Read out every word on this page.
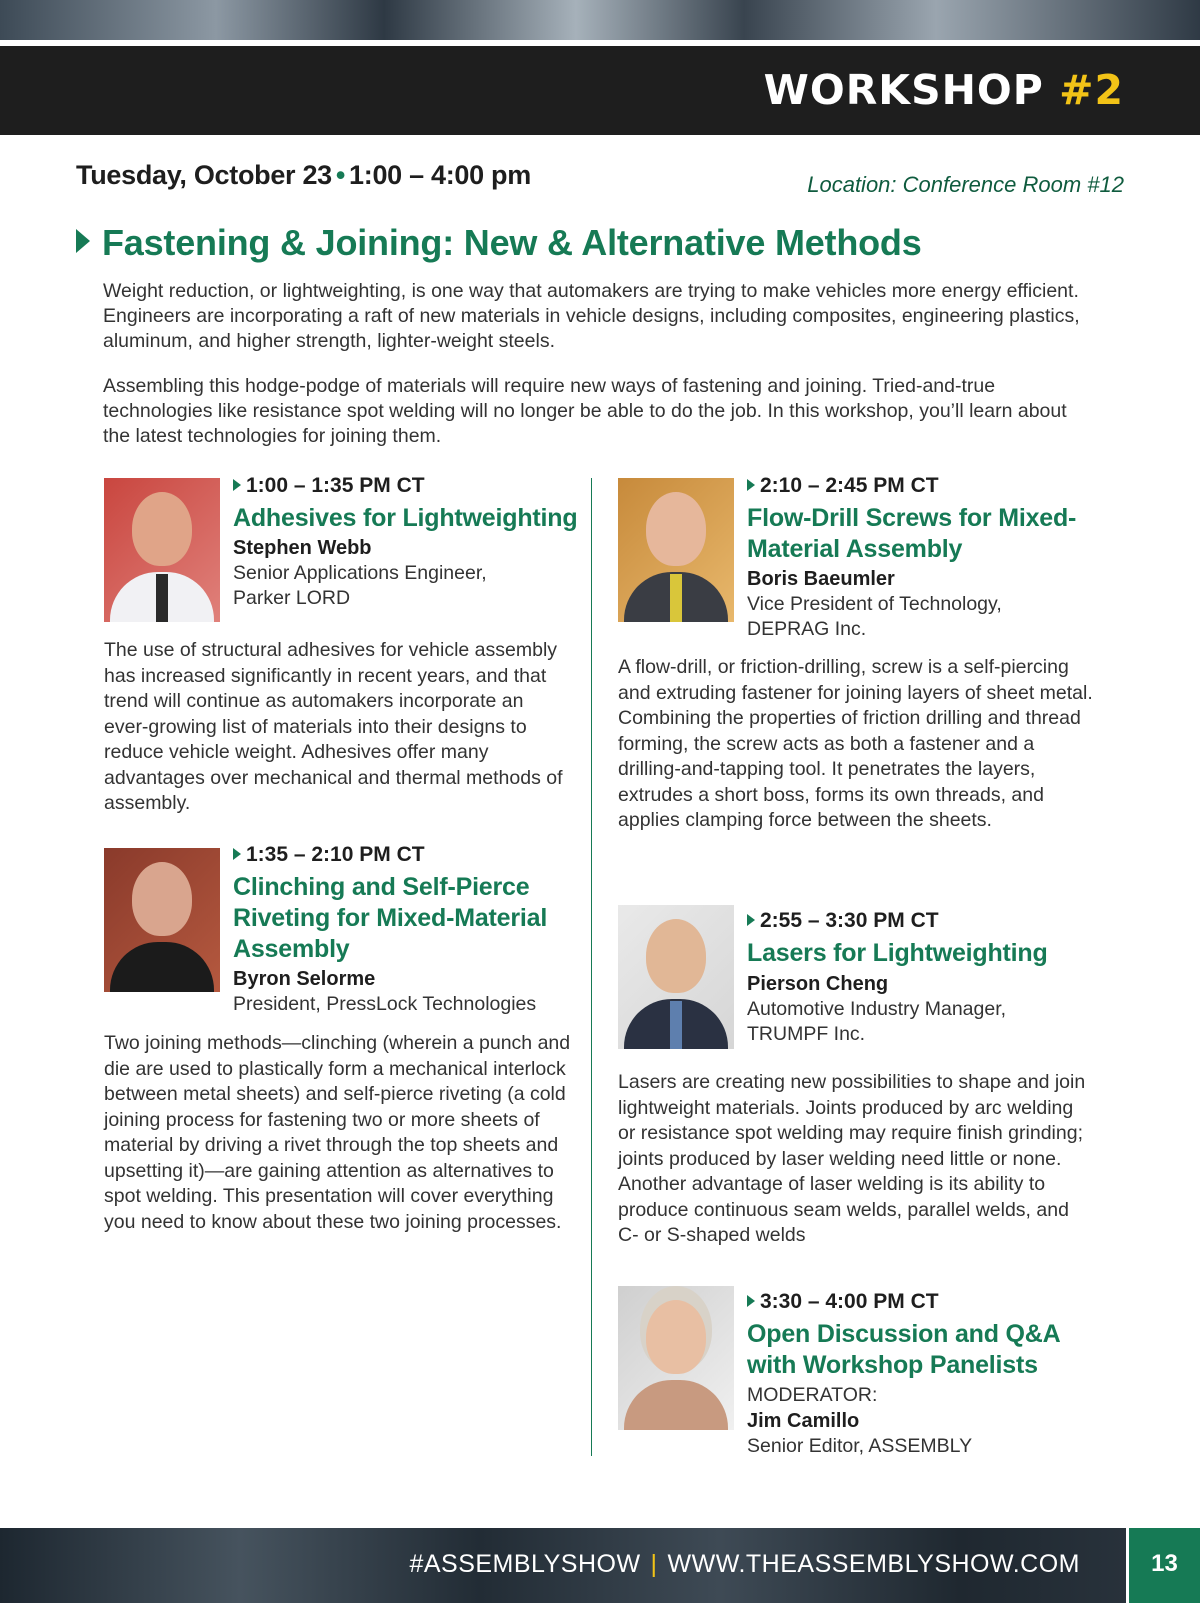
WORKSHOP #2
Tuesday, October 23 • 1:00 – 4:00 pm	Location: Conference Room #12
Fastening & Joining: New & Alternative Methods

Weight reduction, or lightweighting, is one way that automakers are trying to make vehicles more energy efficient. Engineers are incorporating a raft of new materials in vehicle designs, including composites, engineering plastics, aluminum, and higher strength, lighter-weight steels.

Assembling this hodge-podge of materials will require new ways of fastening and joining. Tried-and-true technologies like resistance spot welding will no longer be able to do the job. In this workshop, you’ll learn about the latest technologies for joining them.

1:00 – 1:35 PM CT
Adhesives for Lightweighting
Stephen Webb
Senior Applications Engineer, Parker LORD

The use of structural adhesives for vehicle assembly has increased significantly in recent years, and that trend will continue as automakers incorporate an ever-growing list of materials into their designs to reduce vehicle weight. Adhesives offer many advantages over mechanical and thermal methods of assembly.

1:35 – 2:10 PM CT
Clinching and Self-Pierce Riveting for Mixed-Material Assembly
Byron Selorme
President, PressLock Technologies

Two joining methods—clinching (wherein a punch and die are used to plastically form a mechanical interlock between metal sheets) and self-pierce riveting (a cold joining process for fastening two or more sheets of material by driving a rivet through the top sheets and upsetting it)—are gaining attention as alternatives to spot welding. This presentation will cover everything you need to know about these two joining processes.

2:10 – 2:45 PM CT
Flow-Drill Screws for Mixed-Material Assembly
Boris Baeumler
Vice President of Technology, DEPRAG Inc.

A flow-drill, or friction-drilling, screw is a self-piercing and extruding fastener for joining layers of sheet metal. Combining the properties of friction drilling and thread forming, the screw acts as both a fastener and a drilling-and-tapping tool. It penetrates the layers, extrudes a short boss, forms its own threads, and applies clamping force between the sheets.

2:55 – 3:30 PM CT
Lasers for Lightweighting
Pierson Cheng
Automotive Industry Manager, TRUMPF Inc.

Lasers are creating new possibilities to shape and join lightweight materials. Joints produced by arc welding or resistance spot welding may require finish grinding; joints produced by laser welding need little or none. Another advantage of laser welding is its ability to produce continuous seam welds, parallel welds, and C- or S-shaped welds

3:30 – 4:00 PM CT
Open Discussion and Q&A with Workshop Panelists
MODERATOR:
Jim Camillo
Senior Editor, ASSEMBLY
#ASSEMBLYSHOW | WWW.THEASSEMBLYSHOW.COM	13
